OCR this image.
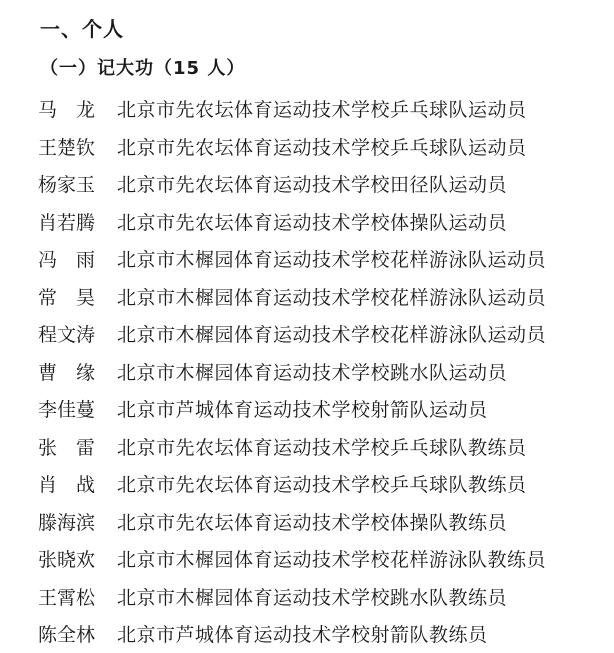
一、个人
（一）记大功（15 人）
马　龙	北京市先农坛体育运动技术学校乒乓球队运动员
王楚钦	北京市先农坛体育运动技术学校乒乓球队运动员
杨家玉	北京市先农坛体育运动技术学校田径队运动员
肖若腾	北京市先农坛体育运动技术学校体操队运动员
冯　雨	北京市木樨园体育运动技术学校花样游泳队运动员
常　昊	北京市木樨园体育运动技术学校花样游泳队运动员
程文涛	北京市木樨园体育运动技术学校花样游泳队运动员
曹　缘	北京市木樨园体育运动技术学校跳水队运动员
李佳蔓	北京市芦城体育运动技术学校射箭队运动员
张　雷	北京市先农坛体育运动技术学校乒乓球队教练员
肖　战	北京市先农坛体育运动技术学校乒乓球队教练员
滕海滨	北京市先农坛体育运动技术学校体操队教练员
张晓欢	北京市木樨园体育运动技术学校花样游泳队教练员
王霄松	北京市木樨园体育运动技术学校跳水队教练员
陈全林	北京市芦城体育运动技术学校射箭队教练员
